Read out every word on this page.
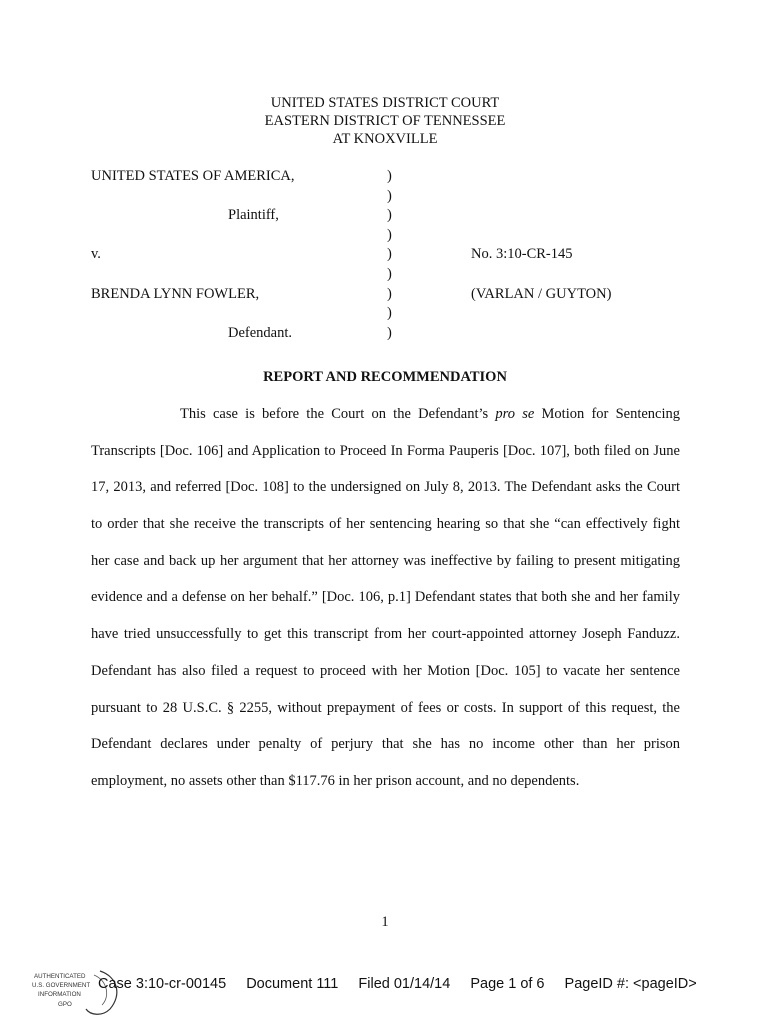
UNITED STATES DISTRICT COURT
EASTERN DISTRICT OF TENNESSEE
AT KNOXVILLE
UNITED STATES OF AMERICA,	)
)
Plaintiff,	)
)
v.	)	No. 3:10-CR-145
)
BRENDA LYNN FOWLER,	)	(VARLAN / GUYTON)
)
Defendant.	)
REPORT AND RECOMMENDATION
This case is before the Court on the Defendant’s pro se Motion for Sentencing
Transcripts [Doc. 106] and Application to Proceed In Forma Pauperis [Doc. 107], both filed on June
17, 2013, and referred [Doc. 108] to the undersigned on July 8, 2013. The Defendant asks the Court
to order that she receive the transcripts of her sentencing hearing so that she “can effectively fight
her case and back up her argument that her attorney was ineffective by failing to present mitigating
evidence and a defense on her behalf.” [Doc. 106, p.1] Defendant states that both she and her family
have tried unsuccessfully to get this transcript from her court-appointed attorney Joseph Fanduzz.
Defendant has also filed a request to proceed with her Motion [Doc. 105] to vacate her sentence
pursuant to 28 U.S.C. § 2255, without prepayment of fees or costs. In support of this request, the
Defendant declares under penalty of perjury that she has no income other than her prison
employment, no assets other than $117.76 in her prison account, and no dependents.
1
AUTHENTICATED
U.S. GOVERNMENT
INFORMATION
GPO
Case 3:10-cr-00145 Document 111 Filed 01/14/14 Page 1 of 6 PageID #: <pageID>
